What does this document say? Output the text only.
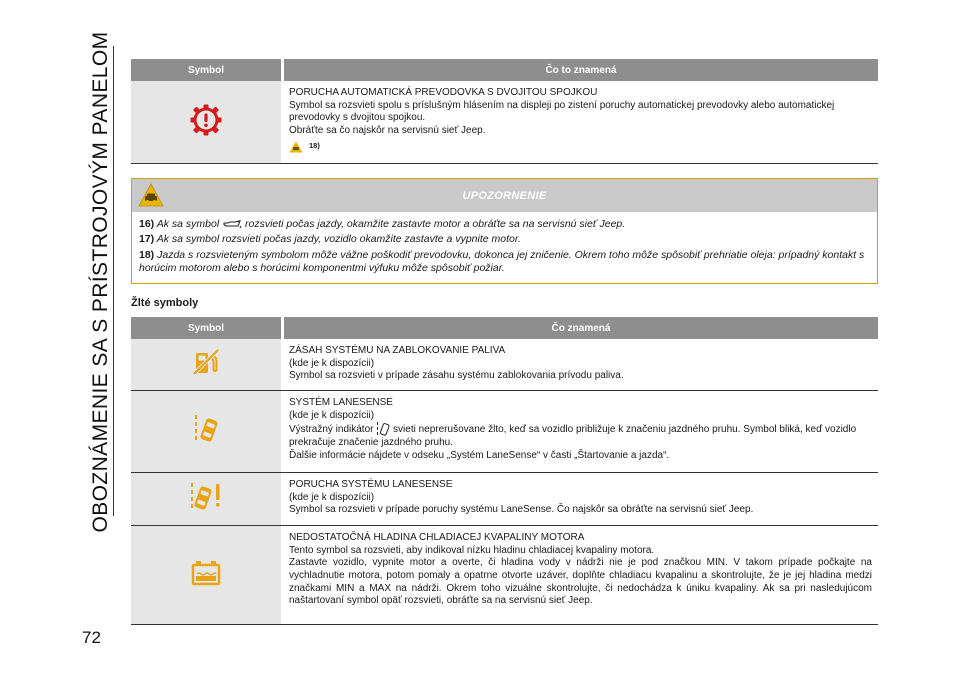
OBOZNÁMENIE SA S PRÍSTROJOVÝM PANELOM
72
Symbol	Čo to znamená

PORUCHA AUTOMATICKÁ PREVODOVKA S DVOJITOU SPOJKOU

Symbol sa rozsvieti spolu s príslušným hlásením na displeji po zistení poruchy automatickej prevodovky alebo automatickej prevodovky s dvojitou spojkou.

Obráťte sa čo najskôr na servisnú sieť Jeep.

18)
UPOZORNENIE

16) Ak sa symbol rozsvieti počas jazdy, okamžite zastavte motor a obráťte sa na servisnú sieť Jeep.

17) Ak sa symbol rozsvieti počas jazdy, vozidlo okamžite zastavte a vypnite motor.

18) Jazda s rozsvieteným symbolom môže vážne poškodiť prevodovku, dokonca jej zničenie. Okrem toho môže spôsobiť prehriatie oleja: prípadný kontakt s horúcim motorom alebo s horúcimi komponentmi výfuku môže spôsobiť požiar.

Žlté symboly
Symbol	Čo znamená

ZÁSAH SYSTÉMU NA ZABLOKOVANIE PALIVA

(kde je k dispozícii)

Symbol sa rozsvieti v prípade zásahu systému zablokovania prívodu paliva.

SYSTÉM LANESENSE

(kde je k dispozícii)

Výstražný indikátor svieti neprerušovane žlto, keď sa vozidlo približuje k značeniu jazdného pruhu. Symbol bliká, keď vozidlo prekračuje značenie jazdného pruhu.

Ďalšie informácie nájdete v odseku „Systém LaneSense“ v časti „Štartovanie a jazda“.

PORUCHA SYSTÉMU LANESENSE

(kde je k dispozícii)

Symbol sa rozsvieti v prípade poruchy systému LaneSense. Čo najskôr sa obráťte na servisnú sieť Jeep.

NEDOSTATOČNÁ HLADINA CHLADIACEJ KVAPALINY MOTORA

Tento symbol sa rozsvieti, aby indikoval nízku hladinu chladiacej kvapaliny motora.

Zastavte vozidlo, vypnite motor a overte, či hladina vody v nádrži nie je pod značkou MIN. V takom prípade počkajte na vychladnutie motora, potom pomaly a opatrne otvorte uzáver, doplňte chladiacu kvapalinu a skontrolujte, že je jej hladina medzi značkami MIN a MAX na nádrži. Okrem toho vizuálne skontrolujte, či nedochádza k úniku kvapaliny. Ak sa pri nasledujúcom naštartovaní symbol opäť rozsvieti, obráťte sa na servisnú sieť Jeep.
